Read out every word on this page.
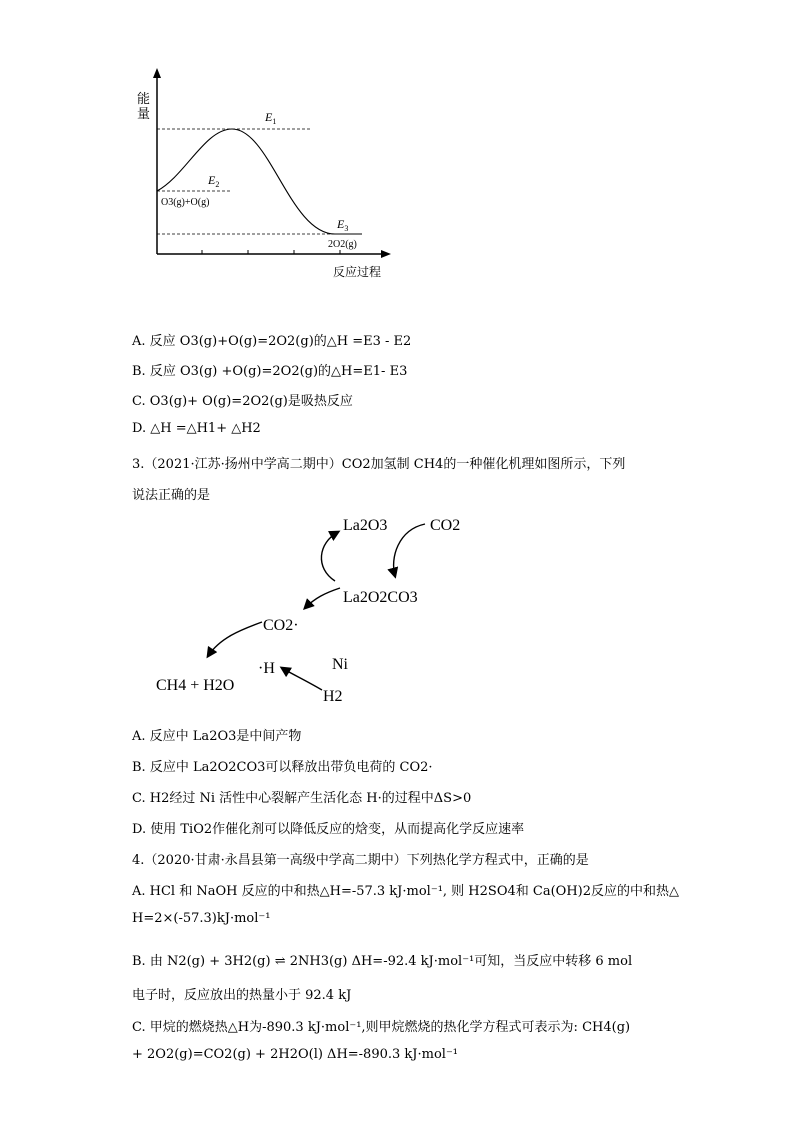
能
量	$E_1$
$E_2$
$E_3$
O3(g)+O(g)
2O2(g)
反应过程
A. 反应 O3(g)+O(g)=2O2(g)的△H =E3 - E2
B. 反应 O3(g) +O(g)=2O2(g)的△H=E1- E3
C. O3(g)+ O(g)=2O2(g)是吸热反应
D. △H =△H1+ △H2
3.（2021·江苏·扬州中学高二期中）CO2加氢制 CH4的一种催化机理如图所示，下列
说法正确的是
La2O3	CO2
La2O2CO3
CO2·
·H	Ni
H2
CH4 + H2O
A. 反应中 La2O3是中间产物
B. 反应中 La2O2CO3可以释放出带负电荷的 CO2·
C. H2经过 Ni 活性中心裂解产生活化态 H·的过程中ΔS>0
D. 使用 TiO2作催化剂可以降低反应的焓变，从而提高化学反应速率
4.（2020·甘肃·永昌县第一高级中学高二期中）下列热化学方程式中，正确的是
A. HCl 和 NaOH 反应的中和热△H=-57.3 kJ·mol⁻¹, 则 H2SO4和 Ca(OH)2反应的中和热△
H=2×(-57.3)kJ·mol⁻¹
B. 由 N2(g) + 3H2(g) ⇌ 2NH3(g) ΔH=-92.4 kJ·mol⁻¹可知，当反应中转移 6 mol
电子时，反应放出的热量小于 92.4 kJ
C. 甲烷的燃烧热△H为-890.3 kJ·mol⁻¹,则甲烷燃烧的热化学方程式可表示为: CH4(g)
+ 2O2(g)=CO2(g) + 2H2O(l) ΔH=-890.3 kJ·mol⁻¹
